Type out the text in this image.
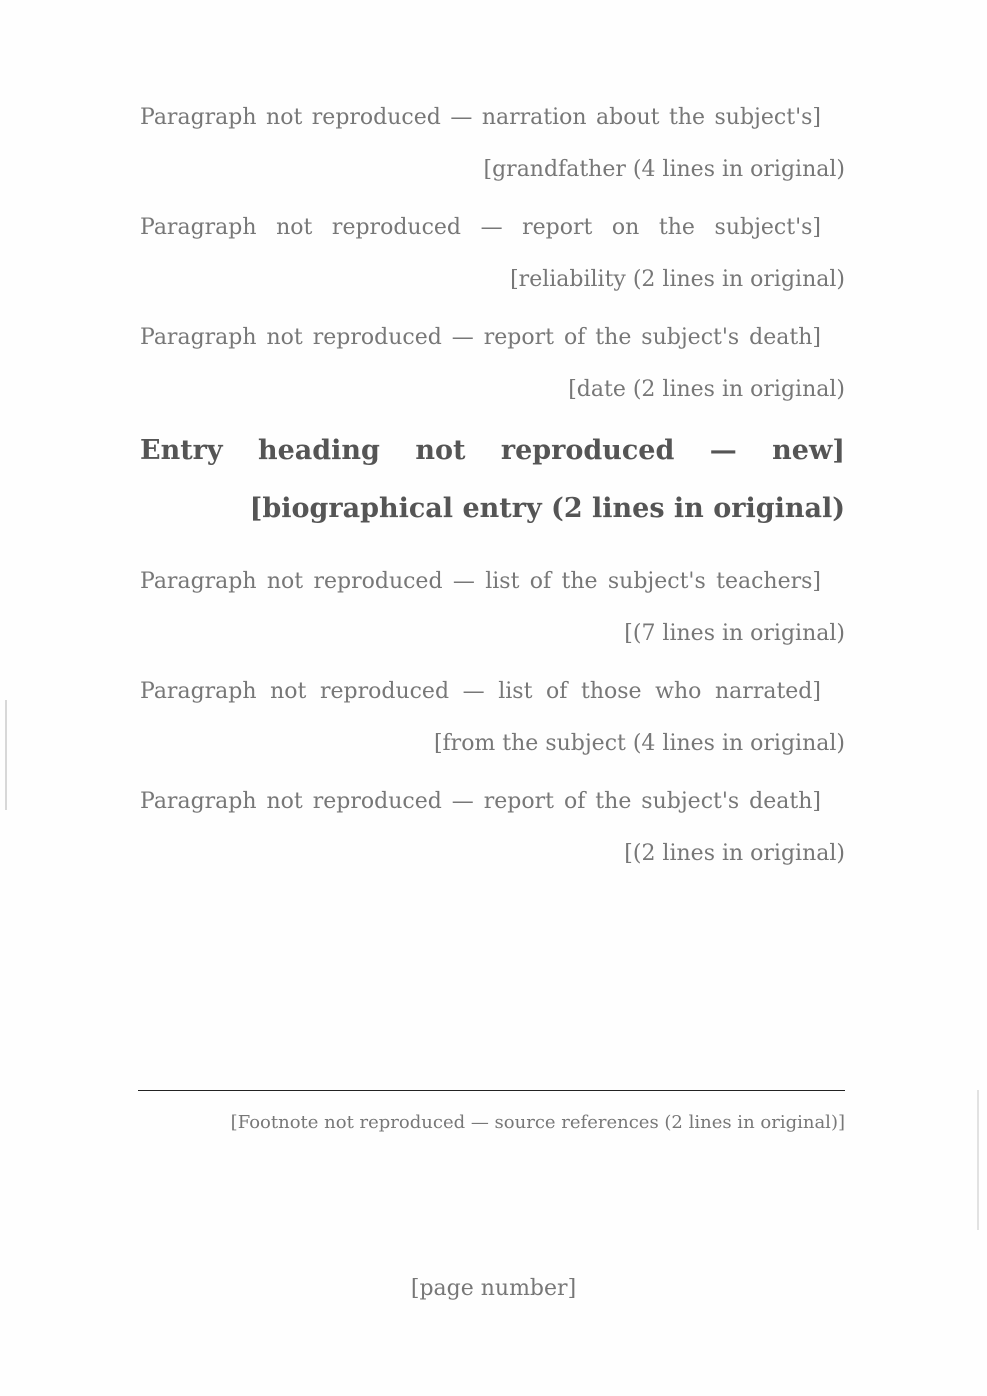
[Paragraph not reproduced — narration about the subject's grandfather (4 lines in original)]

[Paragraph not reproduced — report on the subject's reliability (2 lines in original)]

[Paragraph not reproduced — report of the subject's death date (2 lines in original)]

[Entry heading not reproduced — new biographical entry (2 lines in original)]

[Paragraph not reproduced — list of the subject's teachers (7 lines in original)]

[Paragraph not reproduced — list of those who narrated from the subject (4 lines in original)]

[Paragraph not reproduced — report of the subject's death (2 lines in original)]

[Footnote not reproduced — source references (2 lines in original)]
[page number]
